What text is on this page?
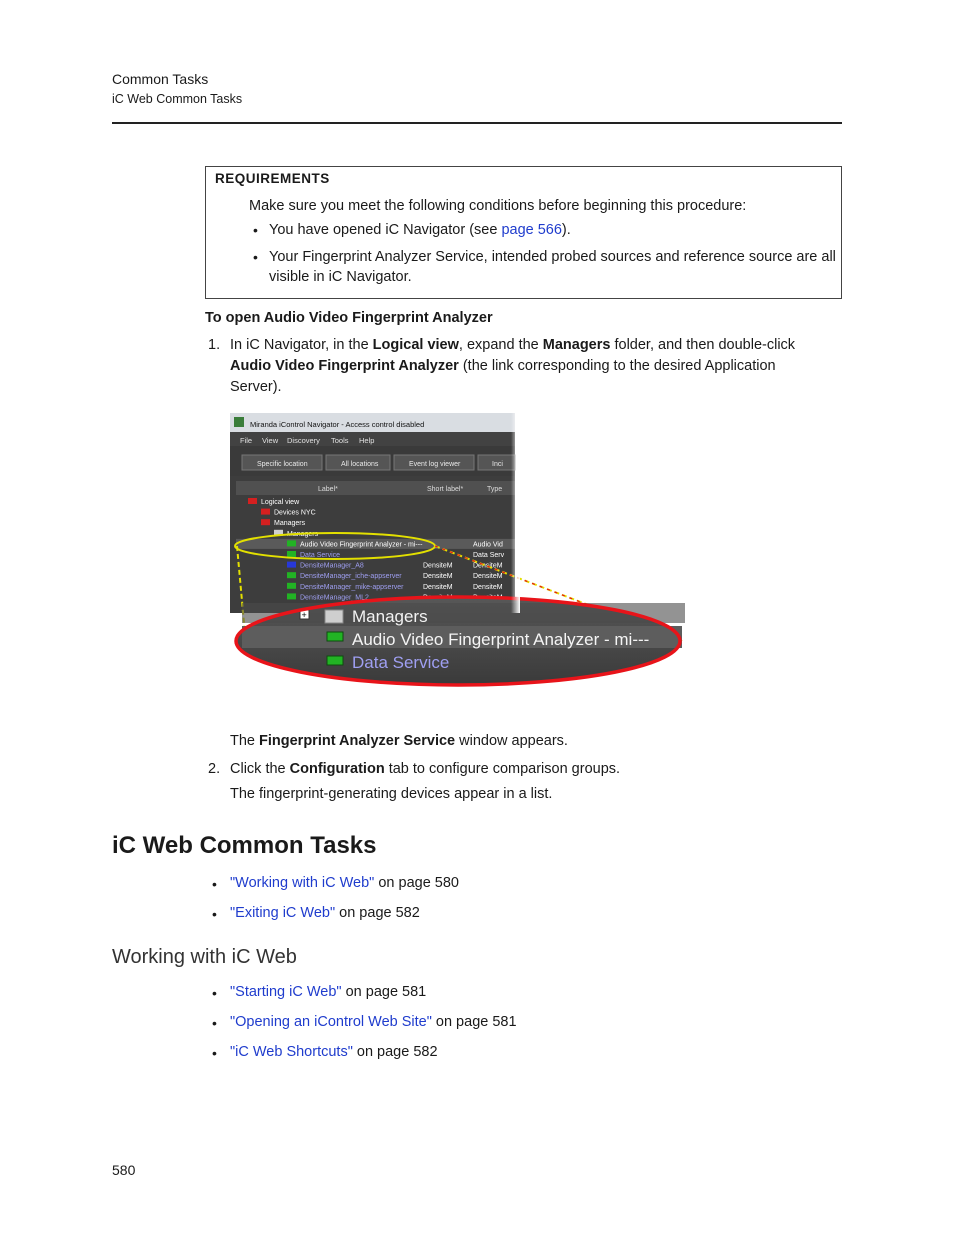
Common Tasks
iC Web Common Tasks
REQUIREMENTS
Make sure you meet the following conditions before beginning this procedure:
• You have opened iC Navigator (see page 566).
• Your Fingerprint Analyzer Service, intended probed sources and reference source are all
visible in iC Navigator.
To open Audio Video Fingerprint Analyzer
1. In iC Navigator, in the Logical view, expand the Managers folder, and then double-click
Audio Video Fingerprint Analyzer (the link corresponding to the desired Application
Server).
Miranda iControl Navigator - Access control disabled
File View Discovery Tools Help
Specific location	All locations	Event log viewer
Label*	Short label*
Logical view
Devices NYC
Managers
Managers
Audio Video Fingerprint Analyzer - mi---
Data Service
DensiteManager_A8	DensiteM
DensiteManager_iche-appserver	DensiteM
DensiteManager_mike-appserver	DensiteM
DensiteManager_ML2
+	Managers
Audio Video Fingerprint Analyzer - mi---
Data Service
The Fingerprint Analyzer Service window appears.
2. Click the Configuration tab to configure comparison groups.
The fingerprint-generating devices appear in a list.
iC Web Common Tasks
• "Working with iC Web" on page 580
• "Exiting iC Web" on page 582
Working with iC Web
• "Starting iC Web" on page 581
• "Opening an iControl Web Site" on page 581
• "iC Web Shortcuts" on page 582
580
